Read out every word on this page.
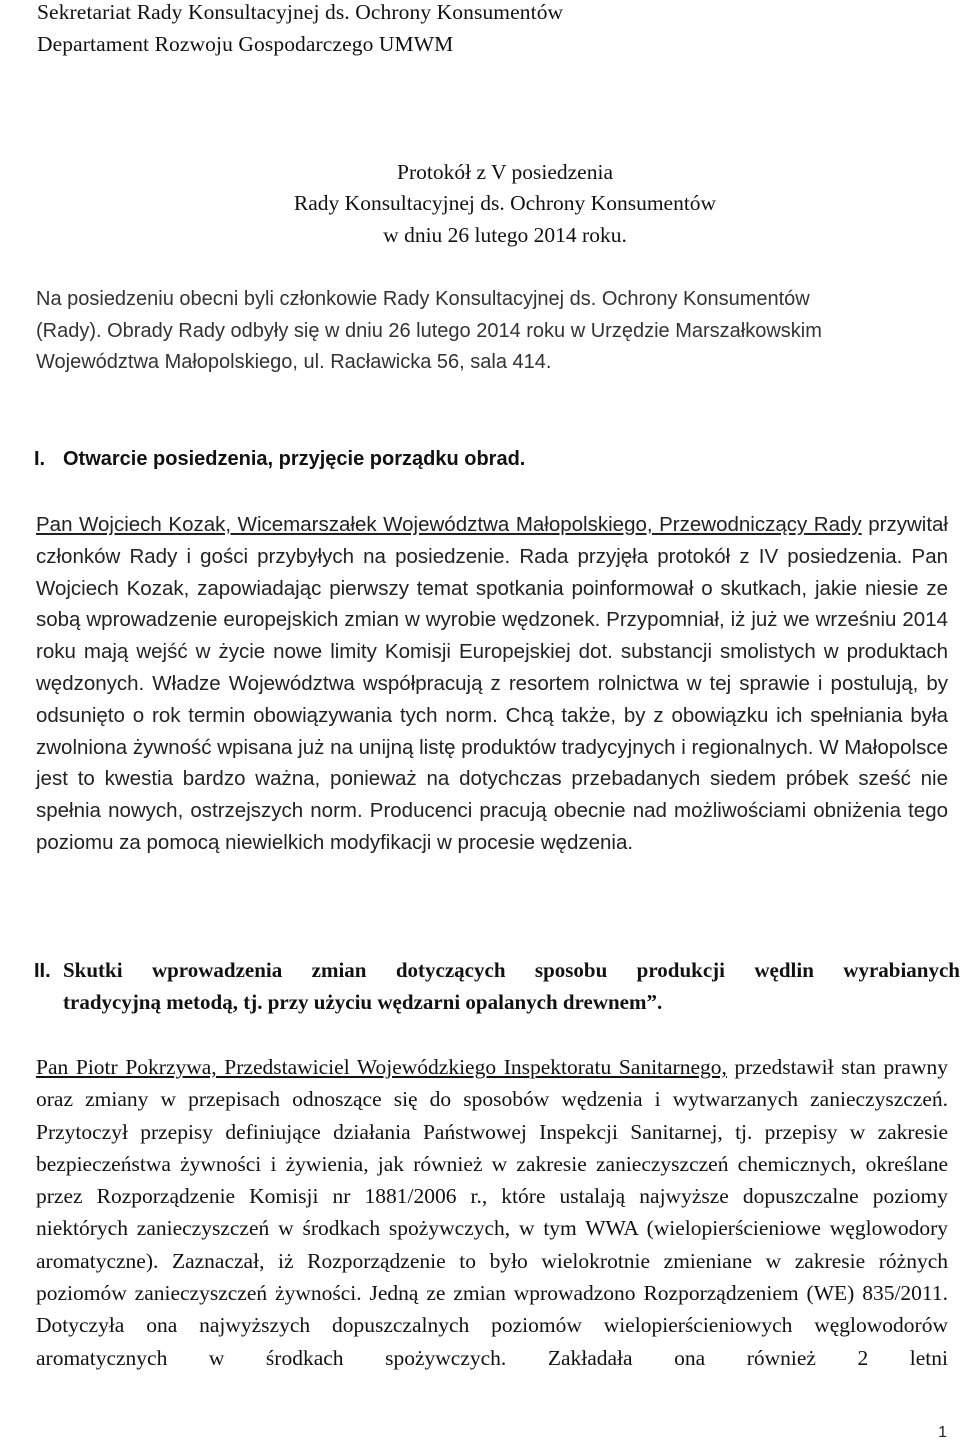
Sekretariat Rady Konsultacyjnej ds. Ochrony Konsumentów
Departament Rozwoju Gospodarczego UMWM
Protokół z V posiedzenia
Rady Konsultacyjnej ds. Ochrony Konsumentów
w dniu 26 lutego 2014 roku.
Na posiedzeniu obecni byli członkowie Rady Konsultacyjnej ds. Ochrony Konsumentów
(Rady). Obrady Rady odbyły się w dniu 26 lutego 2014 roku w Urzędzie Marszałkowskim
Województwa Małopolskiego, ul. Racławicka 56, sala 414.
I. Otwarcie posiedzenia, przyjęcie porządku obrad.
Pan Wojciech Kozak, Wicemarszałek Województwa Małopolskiego, Przewodniczący Rady przywitał członków Rady i gości przybyłych na posiedzenie. Rada przyjęła protokół z IV posiedzenia. Pan Wojciech Kozak, zapowiadając pierwszy temat spotkania poinformował o skutkach, jakie niesie ze sobą wprowadzenie europejskich zmian w wyrobie wędzonek. Przypomniał, iż już we wrześniu 2014 roku mają wejść w życie nowe limity Komisji Europejskiej dot. substancji smolistych w produktach wędzonych. Władze Województwa współpracują z resortem rolnictwa w tej sprawie i postulują, by odsunięto o rok termin obowiązywania tych norm. Chcą także, by z obowiązku ich spełniania była zwolniona żywność wpisana już na unijną listę produktów tradycyjnych i regionalnych. W Małopolsce jest to kwestia bardzo ważna, ponieważ na dotychczas przebadanych siedem próbek sześć nie spełnia nowych, ostrzejszych norm. Producenci pracują obecnie nad możliwościami obniżenia tego poziomu za pomocą niewielkich modyfikacji w procesie wędzenia.
II. Skutki wprowadzenia zmian dotyczących sposobu produkcji wędlin wyrabianych
tradycyjną metodą, tj. przy użyciu wędzarni opalanych drewnem”.
Pan Piotr Pokrzywa, Przedstawiciel Wojewódzkiego Inspektoratu Sanitarnego, przedstawił stan prawny oraz zmiany w przepisach odnoszące się do sposobów wędzenia i wytwarzanych zanieczyszczeń. Przytoczył przepisy definiujące działania Państwowej Inspekcji Sanitarnej, tj. przepisy w zakresie bezpieczeństwa żywności i żywienia, jak również w zakresie zanieczyszczeń chemicznych, określane przez Rozporządzenie Komisji nr 1881/2006 r., które ustalają najwyższe dopuszczalne poziomy niektórych zanieczyszczeń w środkach spożywczych, w tym WWA (wielopierścieniowe węglowodory aromatyczne). Zaznaczał, iż Rozporządzenie to było wielokrotnie zmieniane w zakresie różnych poziomów zanieczyszczeń żywności. Jedną ze zmian wprowadzono Rozporządzeniem (WE) 835/2011. Dotyczyła ona najwyższych dopuszczalnych poziomów wielopierścieniowych węglowodorów aromatycznych w środkach spożywczych. Zakładała ona również 2 letni
1
